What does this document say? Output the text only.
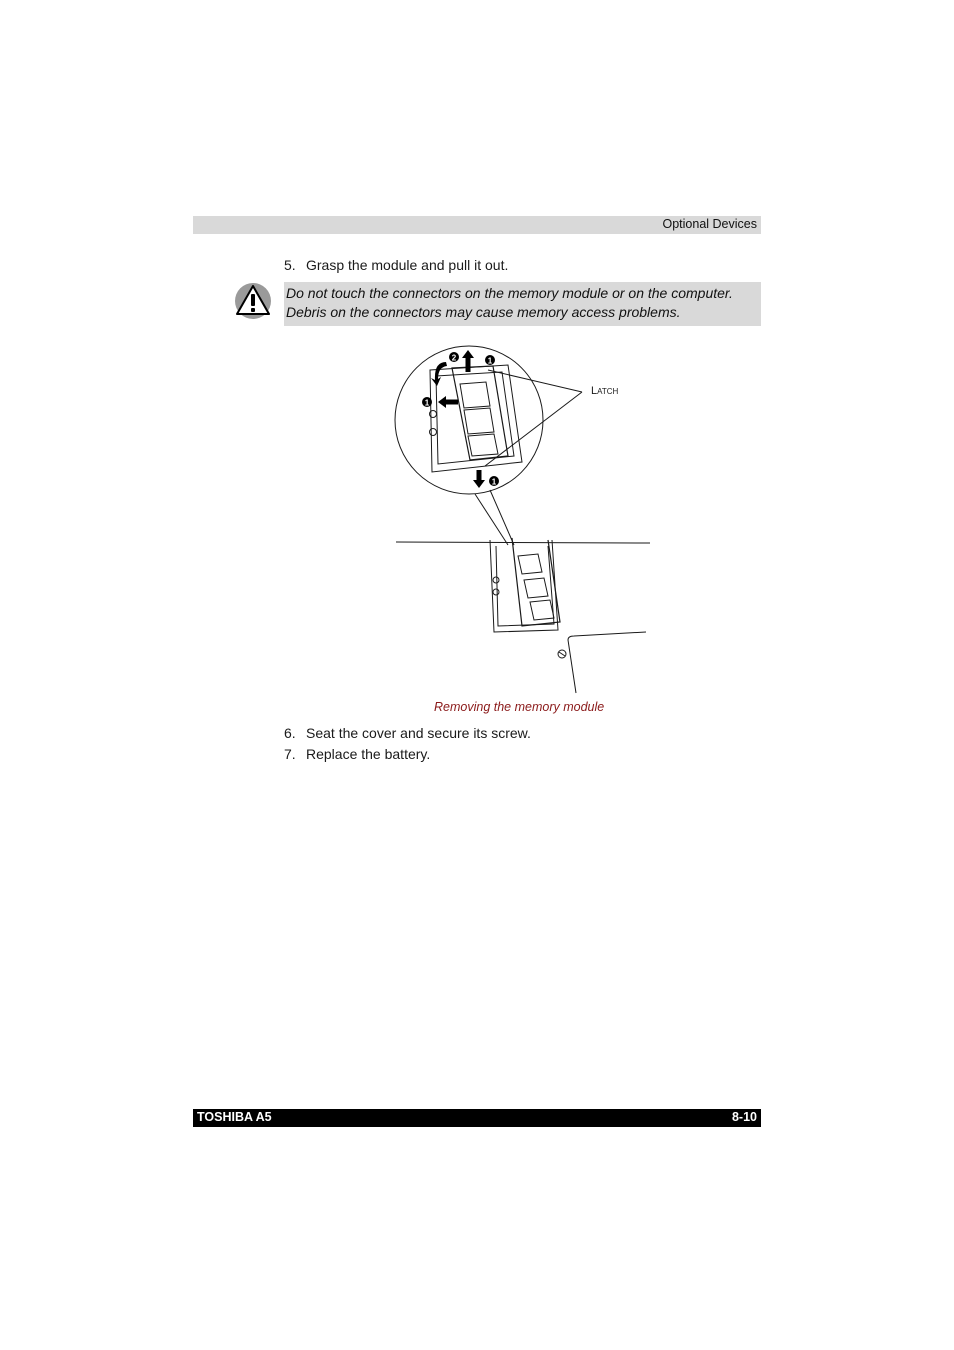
Optional Devices
5. Grasp the module and pull it out.

Do not touch the connectors on the memory module or on the computer.

Debris on the connectors may cause memory access problems.

2	1
1
1
Latch
Removing the memory module
6. Seat the cover and secure its screw.
7. Replace the battery.
TOSHIBA A5	8-10
